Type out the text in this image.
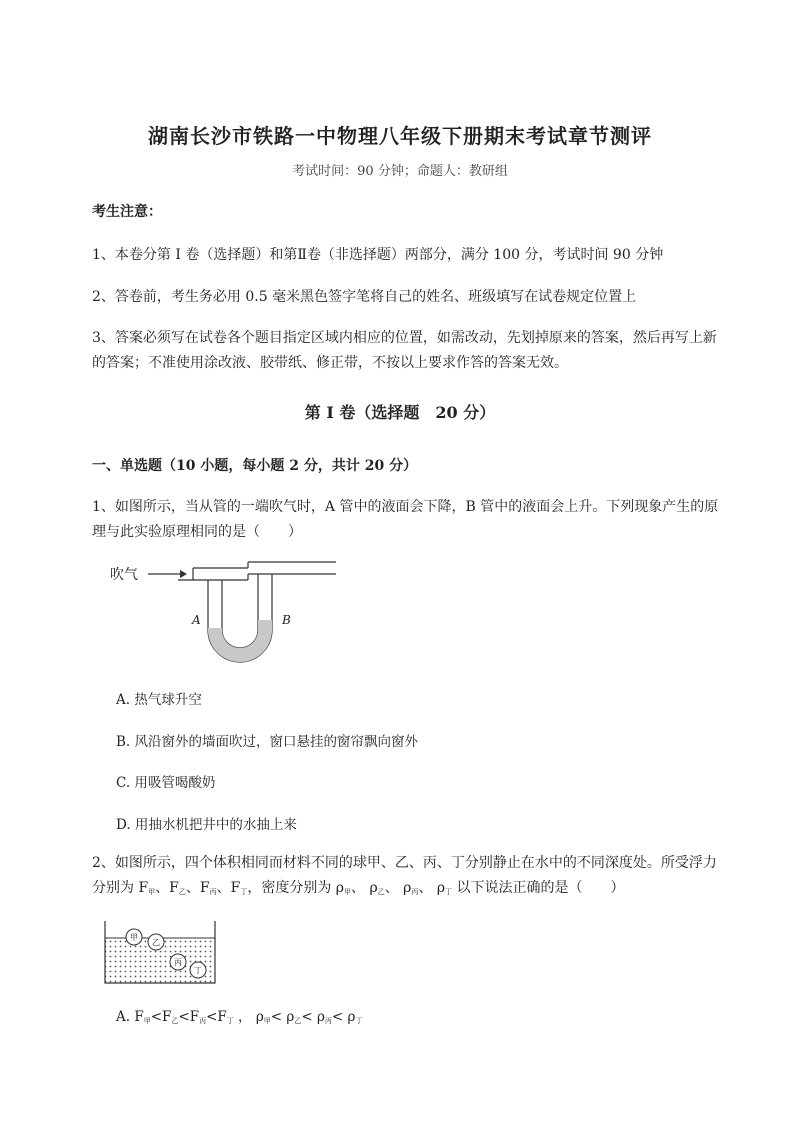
湖南长沙市铁路一中物理八年级下册期末考试章节测评
考试时间：90 分钟；命题人：教研组
考生注意：
1、本卷分第 I 卷（选择题）和第Ⅱ卷（非选择题）两部分，满分 100 分，考试时间 90 分钟
2、答卷前，考生务必用 0.5 毫米黑色签字笔将自己的姓名、班级填写在试卷规定位置上
3、答案必须写在试卷各个题目指定区域内相应的位置，如需改动，先划掉原来的答案，然后再写上新的答案；不准使用涂改液、胶带纸、修正带，不按以上要求作答的答案无效。
第 I 卷（选择题　20 分）
一、单选题（10 小题，每小题 2 分，共计 20 分）
1、如图所示，当从管的一端吹气时，A 管中的液面会下降，B 管中的液面会上升。下列现象产生的原理与此实验原理相同的是（　　）
吹气
A	B
A. 热气球升空
B. 风沿窗外的墙面吹过，窗口悬挂的窗帘飘向窗外
C. 用吸管喝酸奶
D. 用抽水机把井中的水抽上来
2、如图所示，四个体积相同而材料不同的球甲、乙、丙、丁分别静止在水中的不同深度处。所受浮力分别为 $F_甲$、$F_乙$、$F_丙$、$F_丁$，密度分别为 $\rho_甲$、 $\rho_乙$、 $\rho_丙$、 $\rho_丁$ 以下说法正确的是（　　）
甲
乙
丙
丁
A. $F_甲<F_乙<F_丙<F_丁$ ， $\rho_甲< \rho_乙< \rho_丙< \rho_丁$
